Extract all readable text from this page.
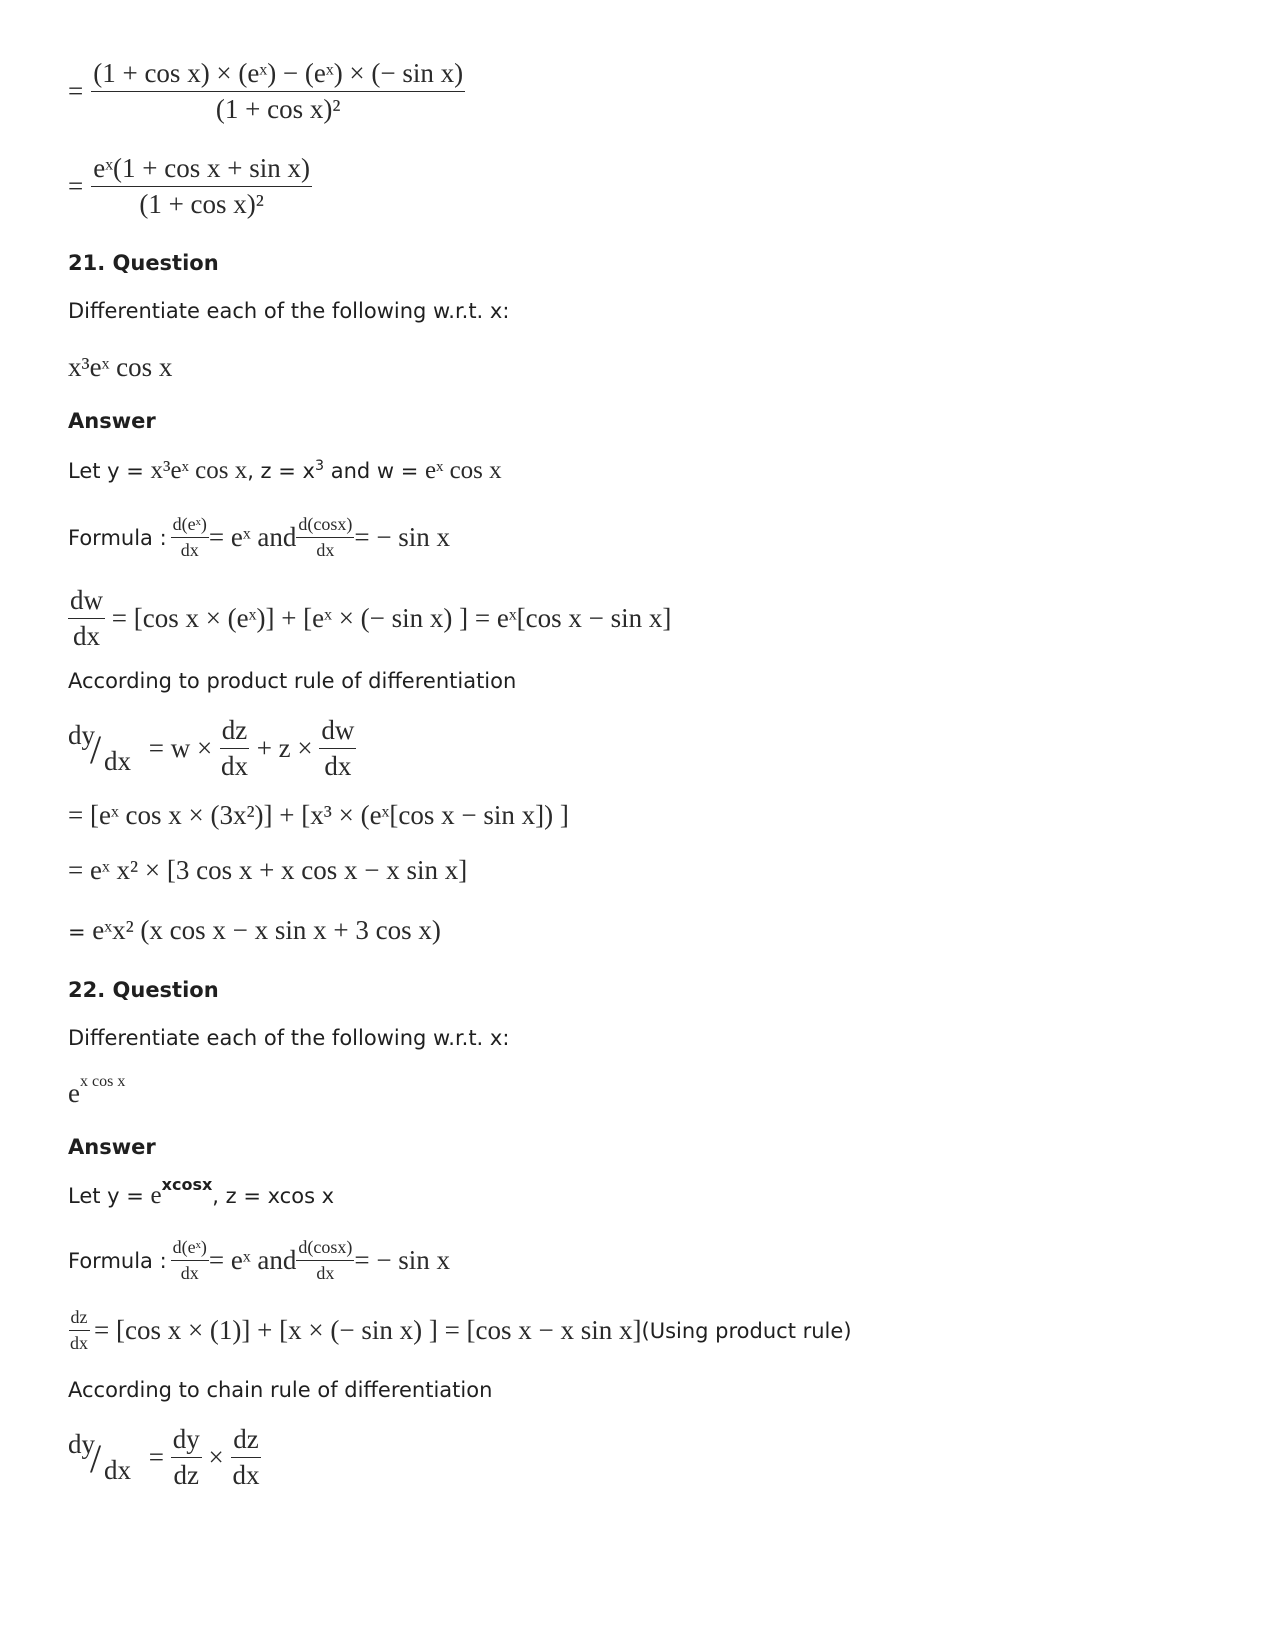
= $\frac{\text{(1 + cos x) × (eˣ) − (eˣ) × (− sin x)}}{\text{(1 + cos x)²}}$
= $\frac{\text{eˣ(1 + cos x + sin x)}}{\text{(1 + cos x)²}}$
21. Question
Differentiate each of the following w.r.t. x:
x³eˣ cos x
Answer
Let y = x³eˣ cos x, $z = x^3$ and w = eˣ cos x
Formula : $\frac{\text{d(eˣ)}}{dx}$ = eˣ and $\frac{d(\cos x)}{dx}$ = − sin x
$\frac{dw}{dx} = [\cos$ x × (eˣ)] + [eˣ × (− sin x) ] = eˣ[cos x − sin x]
According to product rule of differentiation
dy
/ dx = $w \times \frac{dz}{dx} + z \times \frac{dw}{dx}$
= [eˣ cos x × (3x²)] + [x³ × (eˣ[cos x − sin x]) ]
= eˣ x² × [3 cos x + x cos x − x sin x]
= eˣx² (x cos x − x sin x + 3 cos x)
22. Question
Differentiate each of the following w.r.t. x:
$e^{x cos x}$
Answer
Let $y = e^{xcosx}$, z = xcos x
Formula : $\frac{\text{d(eˣ)}}{dx}$ = eˣ and $\frac{d(\cos x)}{dx}$ = − sin x
$\frac{dz}{dx} = [\cos$ x × (1)] + [x × (− sin x) ] = [cos x − x sin x](Using product rule)
According to chain rule of differentiation
dy
/ dx = $\frac{dy}{dz} \times \frac{dz}{dx}$
